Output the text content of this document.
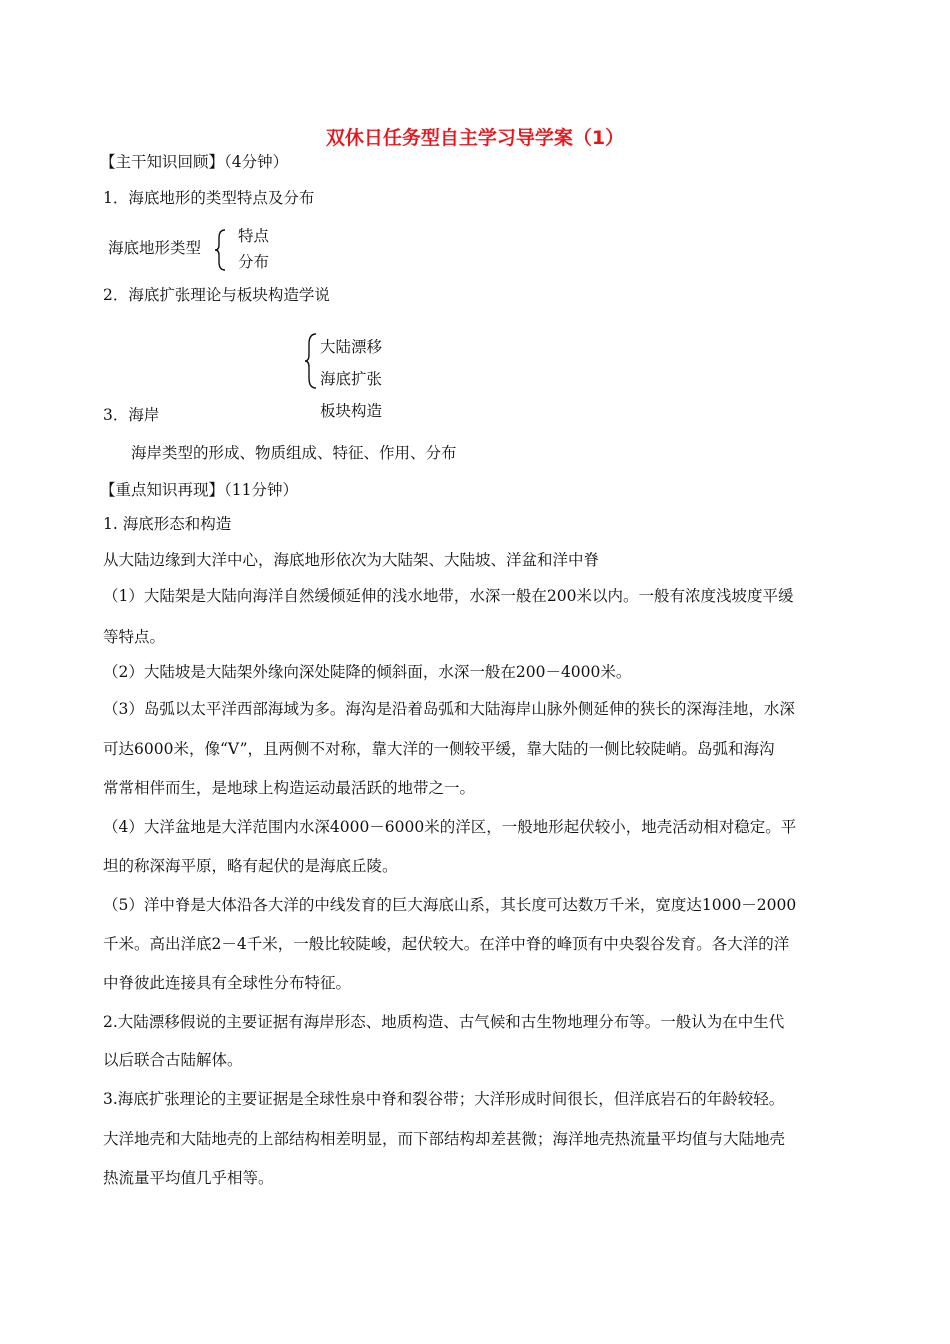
双休日任务型自主学习导学案（1）
【主干知识回顾】（4分钟）
1．海底地形的类型特点及分布
海底地形类型
特点
分布
2．海底扩张理论与板块构造学说
大陆漂移
海底扩张
板块构造
3．海岸
海岸类型的形成、物质组成、特征、作用、分布
【重点知识再现】（11分钟）
1. 海底形态和构造
从大陆边缘到大洋中心，海底地形依次为大陆架、大陆坡、洋盆和洋中脊
（1）大陆架是大陆向海洋自然缓倾延伸的浅水地带，水深一般在200米以内。一般有浓度浅坡度平缓
等特点。
（2）大陆坡是大陆架外缘向深处陡降的倾斜面，水深一般在200－4000米。
（3）岛弧以太平洋西部海域为多。海沟是沿着岛弧和大陆海岸山脉外侧延伸的狭长的深海洼地，水深
可达6000米，像“V”，且两侧不对称，靠大洋的一侧较平缓，靠大陆的一侧比较陡峭。岛弧和海沟
常常相伴而生，是地球上构造运动最活跃的地带之一。
（4）大洋盆地是大洋范围内水深4000－6000米的洋区，一般地形起伏较小，地壳活动相对稳定。平
坦的称深海平原，略有起伏的是海底丘陵。
（5）洋中脊是大体沿各大洋的中线发育的巨大海底山系，其长度可达数万千米，宽度达1000－2000
千米。高出洋底2－4千米，一般比较陡峻，起伏较大。在洋中脊的峰顶有中央裂谷发育。各大洋的洋
中脊彼此连接具有全球性分布特征。
2.大陆漂移假说的主要证据有海岸形态、地质构造、古气候和古生物地理分布等。一般认为在中生代
以后联合古陆解体。
3.海底扩张理论的主要证据是全球性泉中脊和裂谷带；大洋形成时间很长，但洋底岩石的年龄较轻。
大洋地壳和大陆地壳的上部结构相差明显，而下部结构却差甚微；海洋地壳热流量平均值与大陆地壳
热流量平均值几乎相等。
